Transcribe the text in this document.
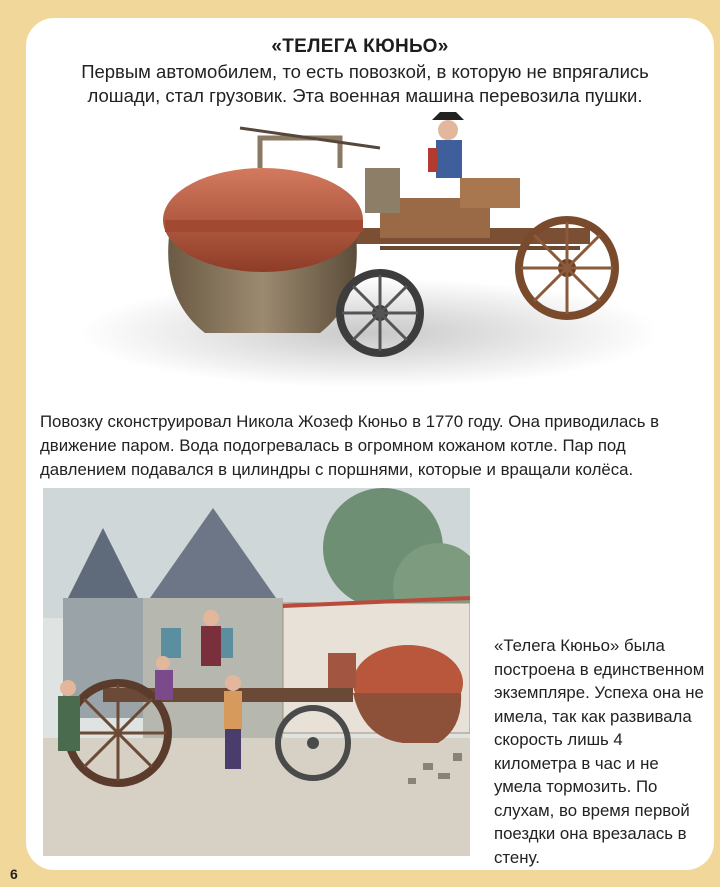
«ТЕЛЕГА КЮНЬО»
Первым автомобилем, то есть повозкой, в которую не впрягались лошади, стал грузовик. Эта военная машина перевозила пушки.
Повозку сконструировал Никола Жозеф Кюньо в 1770 году. Она приводилась в движение паром. Вода подогревалась в огромном кожаном котле. Пар под давлением подавался в цилиндры с поршнями, которые и вращали колёса.
«Телега Кюньо» была построена в единственном экземпляре. Успеха она не имела, так как развивала скорость лишь 4 километра в час и не умела тормозить. По слухам, во время первой поездки она врезалась в стену.
6
